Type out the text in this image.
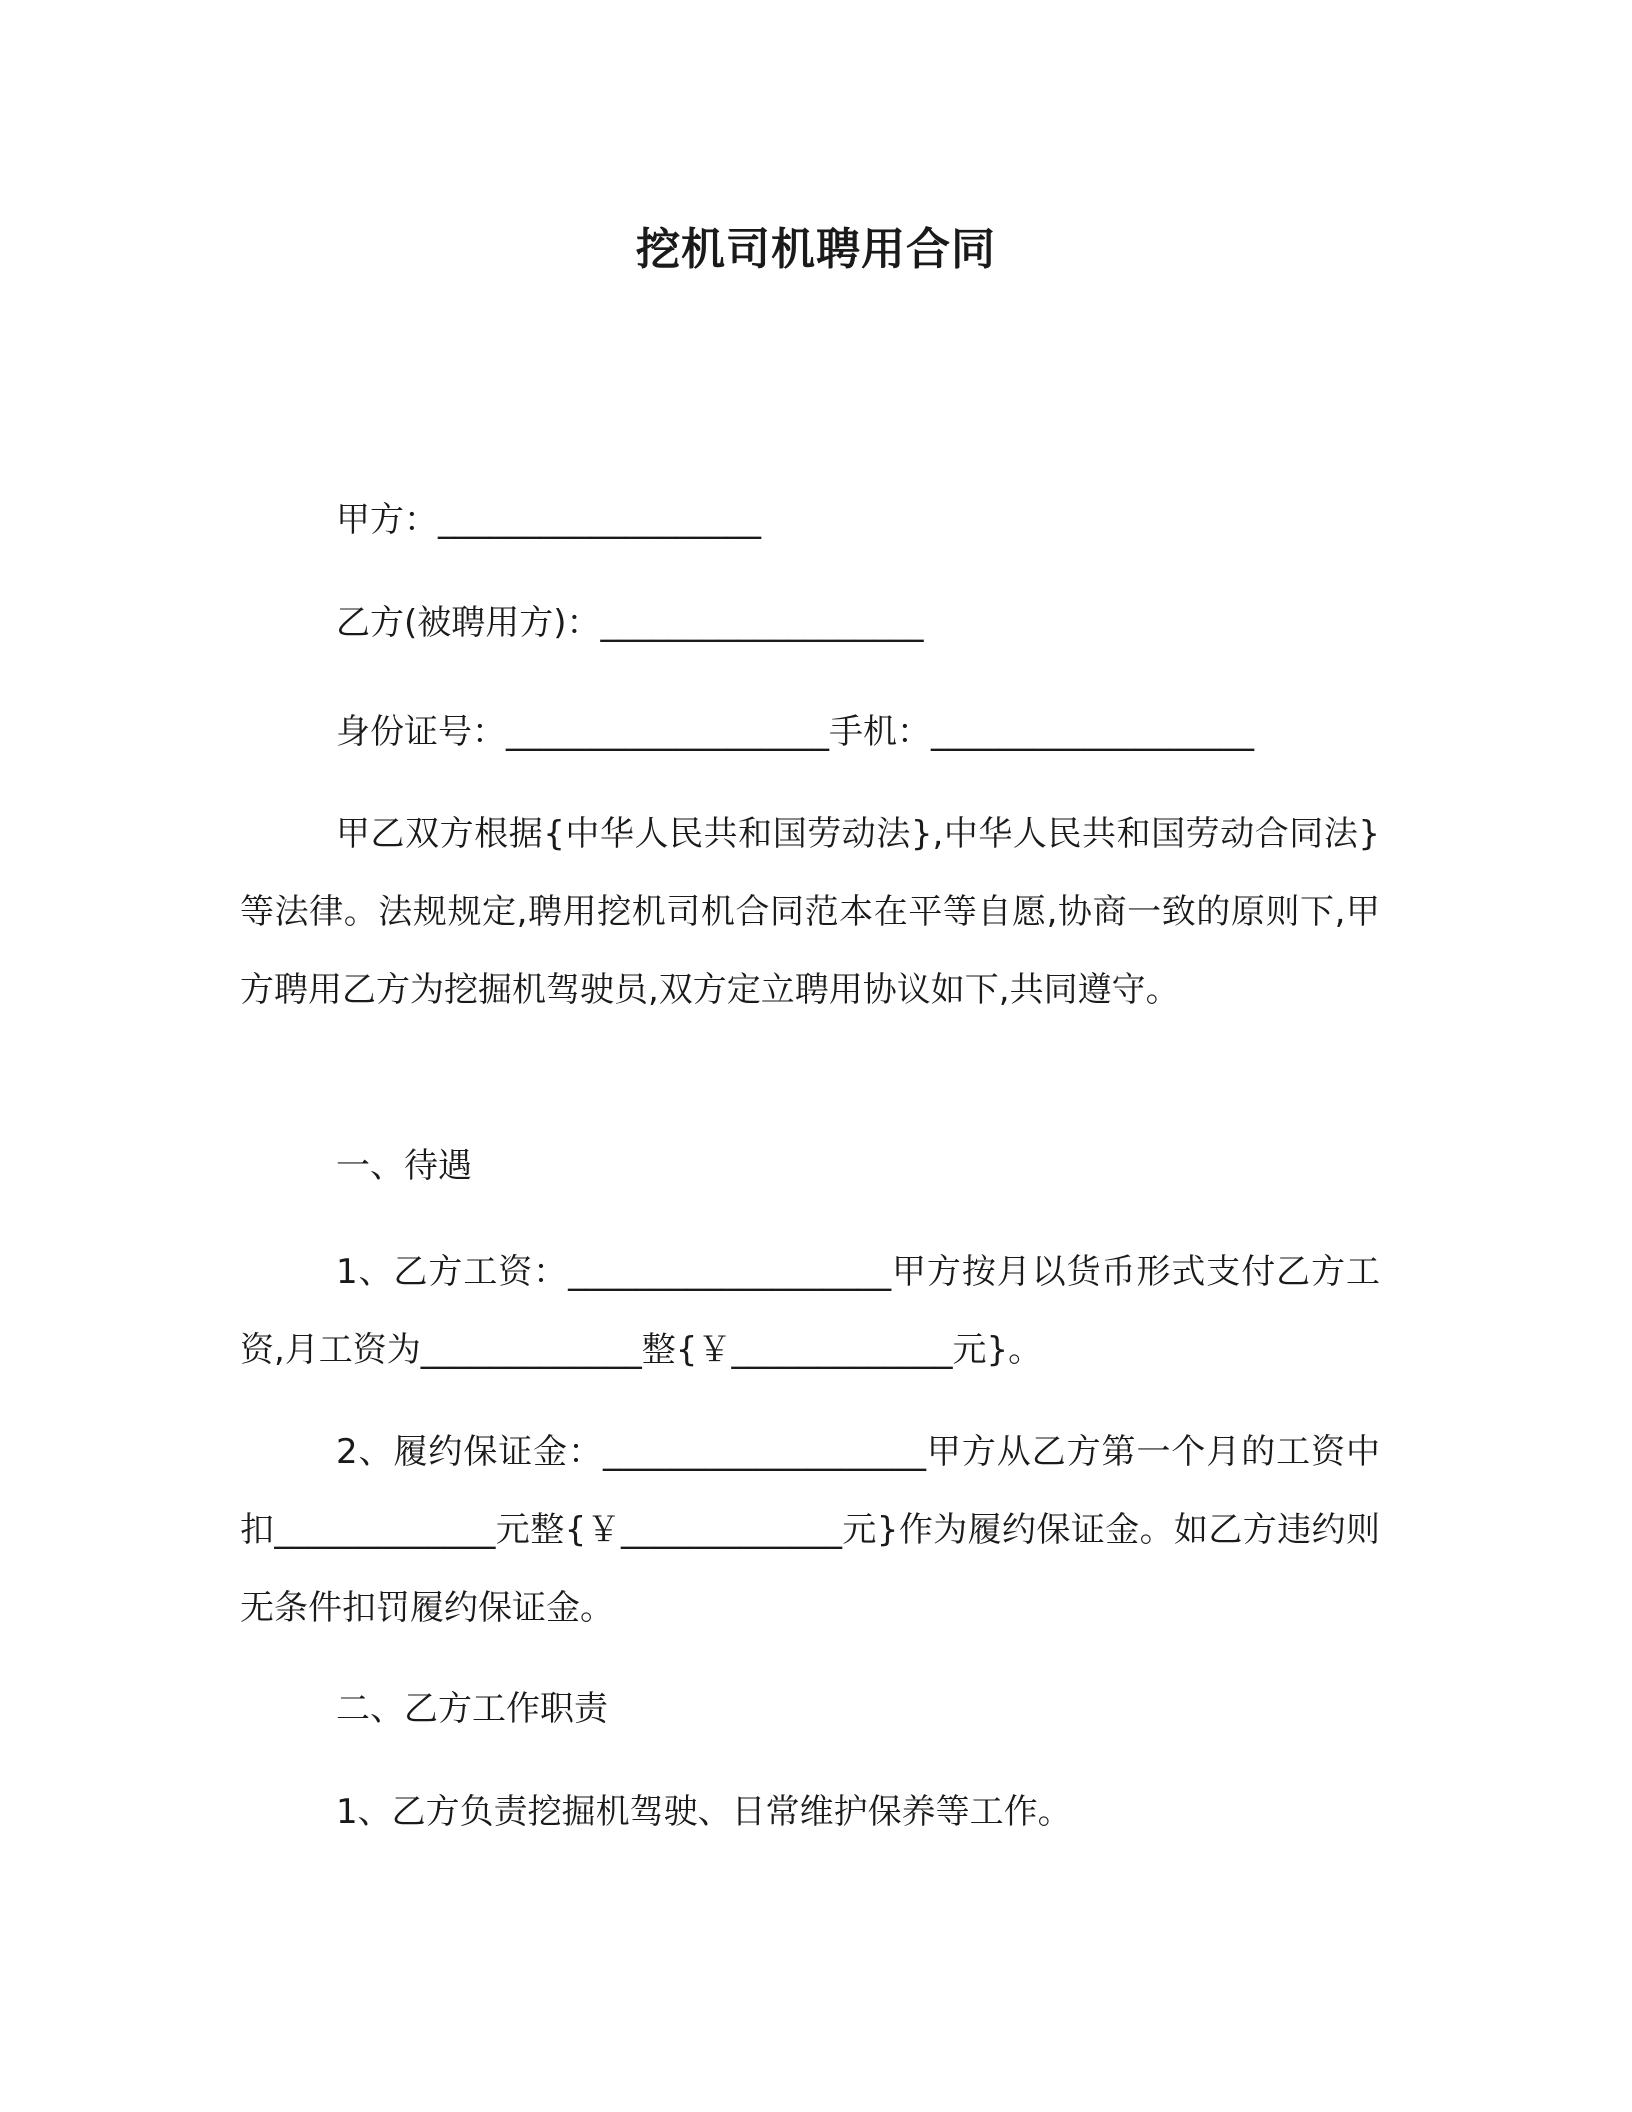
挖机司机聘用合同

甲方：___________________

乙方(被聘用方)：___________________

身份证号：___________________手机：___________________

甲乙双方根据{中华人民共和国劳动法},中华人民共和国劳动合同法}等法律。法规规定,聘用挖机司机合同范本在平等自愿,协商一致的原则下,甲方聘用乙方为挖掘机驾驶员,双方定立聘用协议如下,共同遵守。

一、待遇

1、乙方工资：___________________甲方按月以货币形式支付乙方工资,月工资为_____________整{￥_____________元}。

2、履约保证金：___________________甲方从乙方第一个月的工资中扣_____________元整{￥_____________元}作为履约保证金。如乙方违约则无条件扣罚履约保证金。

二、乙方工作职责

1、乙方负责挖掘机驾驶、日常维护保养等工作。
